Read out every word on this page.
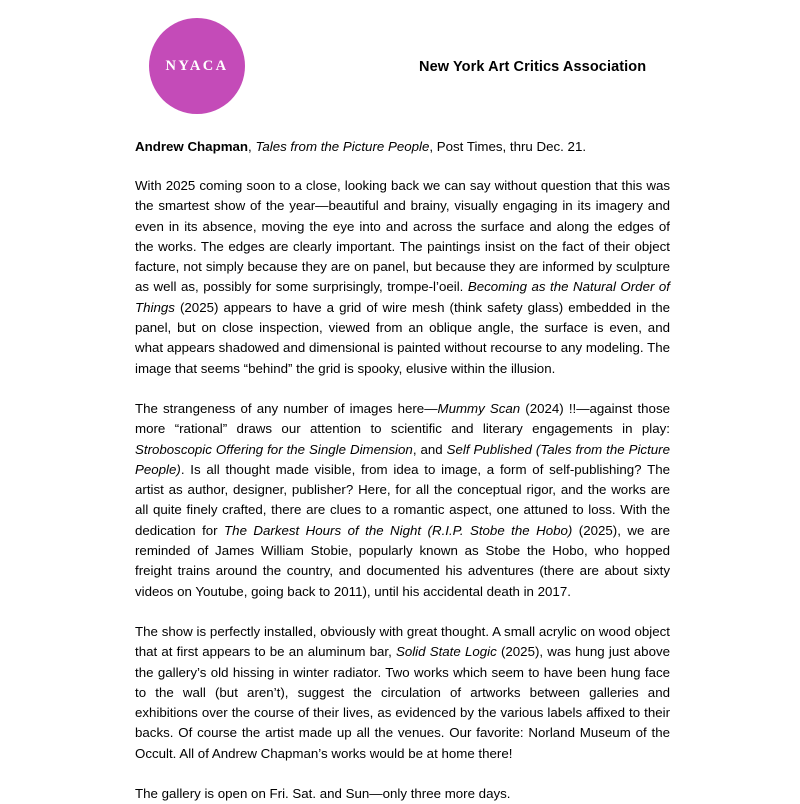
NYACA	New York Art Critics Association
Andrew Chapman, Tales from the Picture People, Post Times, thru Dec. 21.

With 2025 coming soon to a close, looking back we can say without question that this was the smartest show of the year—beautiful and brainy, visually engaging in its imagery and even in its absence, moving the eye into and across the surface and along the edges of the works. The edges are clearly important. The paintings insist on the fact of their object facture, not simply because they are on panel, but because they are informed by sculpture as well as, possibly for some surprisingly, trompe-l’oeil. Becoming as the Natural Order of Things (2025) appears to have a grid of wire mesh (think safety glass) embedded in the panel, but on close inspection, viewed from an oblique angle, the surface is even, and what appears shadowed and dimensional is painted without recourse to any modeling. The image that seems “behind” the grid is spooky, elusive within the illusion.

The strangeness of any number of images here—Mummy Scan (2024) !!—against those more “rational” draws our attention to scientific and literary engagements in play: Stroboscopic Offering for the Single Dimension, and Self Published (Tales from the Picture People). Is all thought made visible, from idea to image, a form of self-publishing? The artist as author, designer, publisher? Here, for all the conceptual rigor, and the works are all quite finely crafted, there are clues to a romantic aspect, one attuned to loss. With the dedication for The Darkest Hours of the Night (R.I.P. Stobe the Hobo) (2025), we are reminded of James William Stobie, popularly known as Stobe the Hobo, who hopped freight trains around the country, and documented his adventures (there are about sixty videos on Youtube, going back to 2011), until his accidental death in 2017.

The show is perfectly installed, obviously with great thought. A small acrylic on wood object that at first appears to be an aluminum bar, Solid State Logic (2025), was hung just above the gallery’s old hissing in winter radiator. Two works which seem to have been hung face to the wall (but aren’t), suggest the circulation of artworks between galleries and exhibitions over the course of their lives, as evidenced by the various labels affixed to their backs. Of course the artist made up all the venues. Our favorite: Norland Museum of the Occult. All of Andrew Chapman’s works would be at home there!

The gallery is open on Fri. Sat. and Sun—only three more days.
